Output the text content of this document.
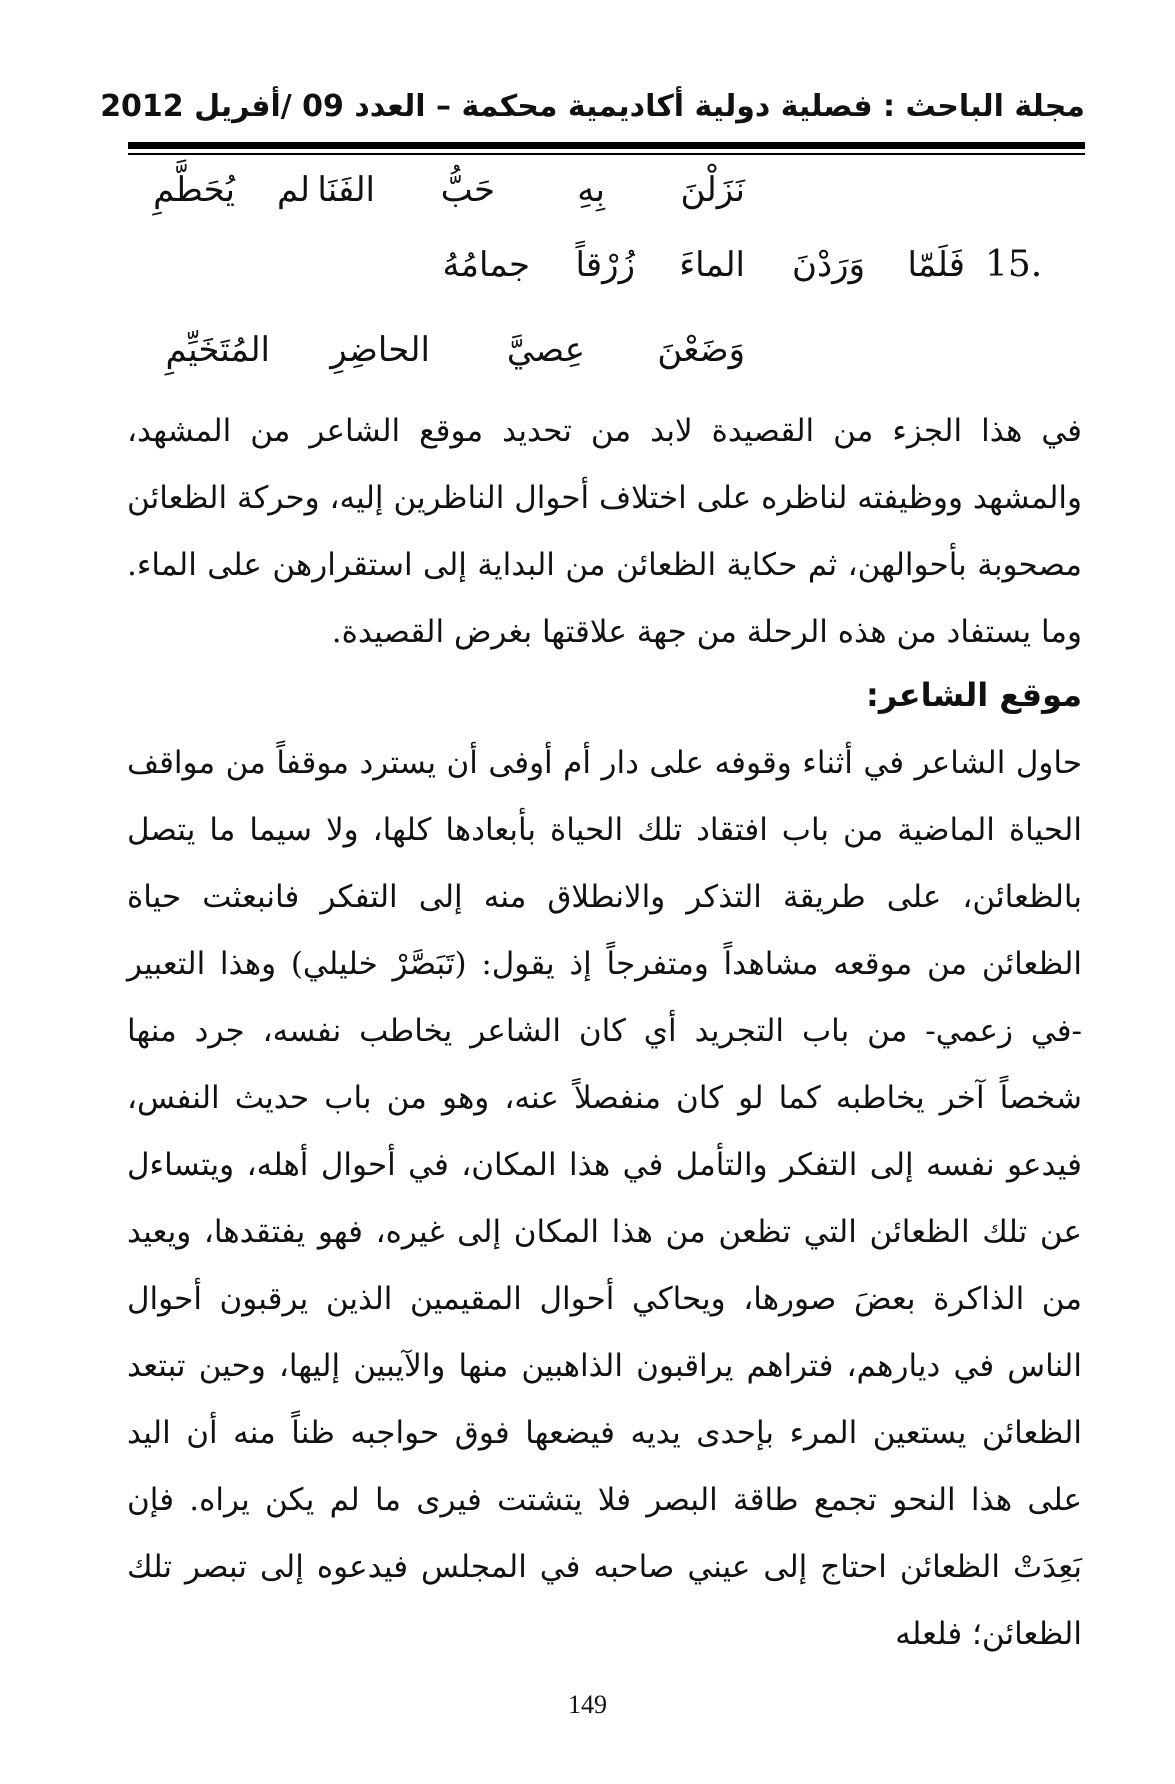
مجلة الباحث : فصلية دولية أكاديمية محكمة – العدد 09 /أفريل 2012
نَزَلْنَ
بِهِ
حَبُّ
الفَنَا
لم
يُحَطَّمِ
15.
فَلَمّا
وَرَدْنَ
الماءَ
زُرْقاً
جمامُهُ
وَضَعْنَ
عِصيَّ
الحاضِرِ
المُتَخَيِّمِ
في هذا الجزء من القصيدة لابد من تحديد موقع الشاعر من المشهد، والمشهد ووظيفته لناظره على اختلاف أحوال الناظرين إليه، وحركة الظعائن مصحوبة بأحوالهن، ثم حكاية الظعائن من البداية إلى استقرارهن على الماء. وما يستفاد من هذه الرحلة من جهة علاقتها بغرض القصيدة.
موقع الشاعر:
حاول الشاعر في أثناء وقوفه على دار أم أوفى أن يسترد موقفاً من مواقف الحياة الماضية من باب افتقاد تلك الحياة بأبعادها كلها، ولا سيما ما يتصل بالظعائن، على طريقة التذكر والانطلاق منه إلى التفكر فانبعثت حياة الظعائن من موقعه مشاهداً ومتفرجاً إذ يقول: (تَبَصَّرْ خليلي) وهذا التعبير -في زعمي- من باب التجريد أي كان الشاعر يخاطب نفسه، جرد منها شخصاً آخر يخاطبه كما لو كان منفصلاً عنه، وهو من باب حديث النفس، فيدعو نفسه إلى التفكر والتأمل في هذا المكان، في أحوال أهله، ويتساءل عن تلك الظعائن التي تظعن من هذا المكان إلى غيره، فهو يفتقدها، ويعيد من الذاكرة بعضَ صورها، ويحاكي أحوال المقيمين الذين يرقبون أحوال الناس في ديارهم، فتراهم يراقبون الذاهبين منها والآيبين إليها، وحين تبتعد الظعائن يستعين المرء بإحدى يديه فيضعها فوق حواجبه ظناً منه أن اليد على هذا النحو تجمع طاقة البصر فلا يتشتت فيرى ما لم يكن يراه. فإن بَعِدَتْ الظعائن احتاج إلى عيني صاحبه في المجلس فيدعوه إلى تبصر تلك الظعائن؛ فلعله
149
